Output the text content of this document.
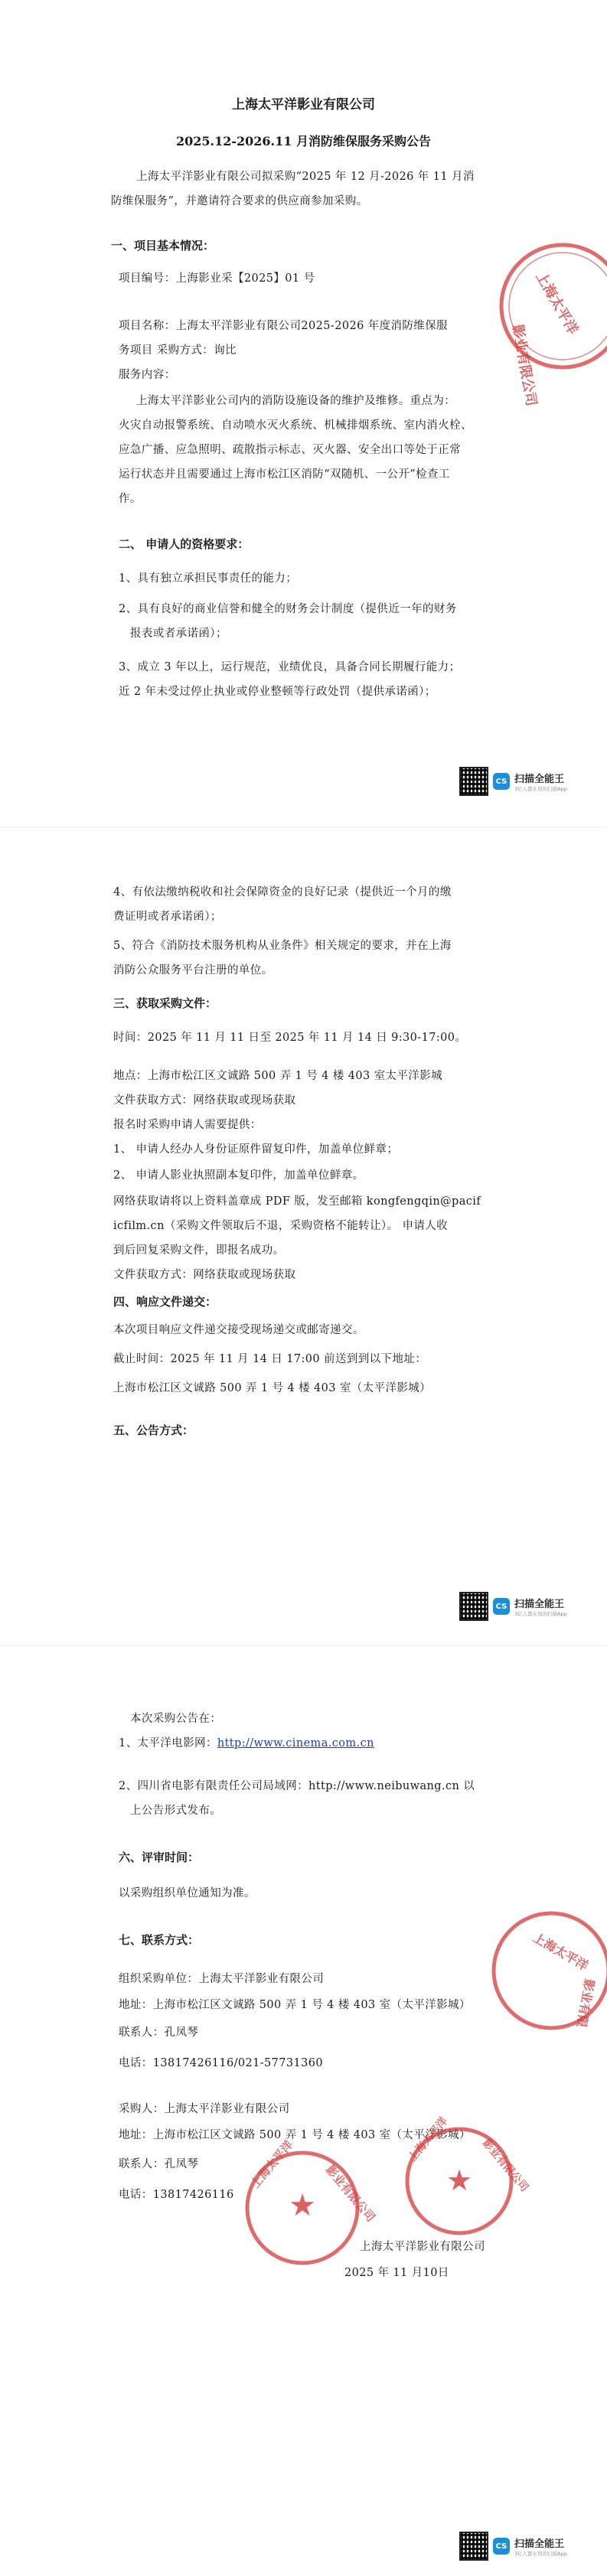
上海太平洋影业有限公司
2025.12-2026.11 月消防维保服务采购公告
上海太平洋影业有限公司拟采购“2025 年 12 月-2026 年 11 月消
防维保服务”，并邀请符合要求的供应商参加采购。
一、项目基本情况：
项目编号：上海影业采【2025】01 号
项目名称：上海太平洋影业有限公司2025-2026 年度消防维保服
务项目 采购方式：询比
服务内容：
上海太平洋影业公司内的消防设施设备的维护及维修。重点为：
火灾自动报警系统、自动喷水灭火系统、机械排烟系统、室内消火栓、
应急广播、应急照明、疏散指示标志、灭火器、安全出口等处于正常
运行状态并且需要通过上海市松江区消防“双随机、一公开”检查工
作。
二、 申请人的资格要求：
1、具有独立承担民事责任的能力；
2、具有良好的商业信誉和健全的财务会计制度（提供近一年的财务
报表或者承诺函）；
3、成立 3 年以上，运行规范，业绩优良，具备合同长期履行能力；
近 2 年未受过停止执业或停业整顿等行政处罚（提供承诺函）；
上海太平洋
影业有限公司
CS 扫描全能王
3亿人都在用的扫描App
4、有依法缴纳税收和社会保障资金的良好记录（提供近一个月的缴
费证明或者承诺函）；
5、符合《消防技术服务机构从业条件》相关规定的要求，并在上海
消防公众服务平台注册的单位。
三、获取采购文件：
时间：2025 年 11 月 11 日至 2025 年 11 月 14 日 9:30-17:00。
地点：上海市松江区文诚路 500 弄 1 号 4 楼 403 室太平洋影城
文件获取方式：网络获取或现场获取
报名时采购申请人需要提供：
1、 申请人经办人身份证原件留复印件，加盖单位鲜章；
2、 申请人影业执照副本复印件，加盖单位鲜章。
网络获取请将以上资料盖章成 PDF 版，发至邮箱 kongfengqin@pacif
icfilm.cn（采购文件领取后不退，采购资格不能转让）。 申请人收
到后回复采购文件，即报名成功。
文件获取方式：网络获取或现场获取
四、响应文件递交：
本次项目响应文件递交接受现场递交或邮寄递交。
截止时间：2025 年 11 月 14 日 17:00 前送到到以下地址：
上海市松江区文诚路 500 弄 1 号 4 楼 403 室（太平洋影城）
五、公告方式：
CS 扫描全能王
3亿人都在用的扫描App
本次采购公告在：
1、太平洋电影网：http://www.cinema.com.cn
2、四川省电影有限责任公司局域网：http://www.neibuwang.cn 以
上公告形式发布。
六、评审时间：
以采购组织单位通知为准。
七、联系方式：
组织采购单位：上海太平洋影业有限公司
地址：上海市松江区文诚路 500 弄 1 号 4 楼 403 室（太平洋影城）
联系人：孔凤琴
电话：13817426116/021-57731360
采购人：上海太平洋影业有限公司
地址：上海市松江区文诚路 500 弄 1 号 4 楼 403 室（太平洋影城）
联系人：孔凤琴
电话：13817426116
上海太平洋影业有限公司
2025 年 11 月10日
上海太平洋
影业有限
★
上海太平洋 影业有限公司 ★
上海太平洋	影业有限公司
CS 扫描全能王
3亿人都在用的扫描App
